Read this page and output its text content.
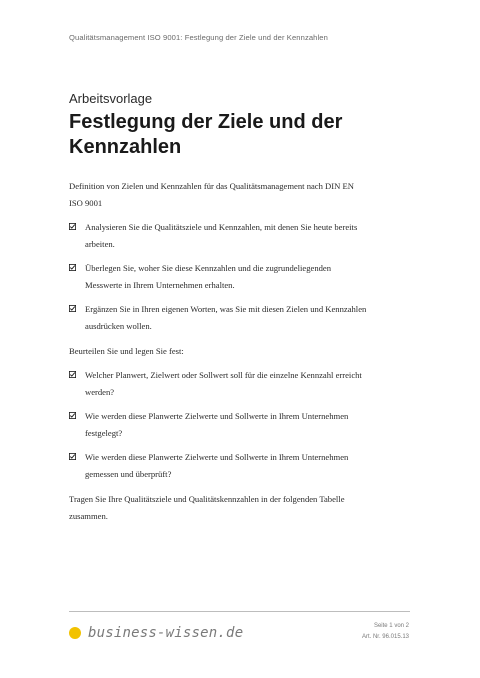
Qualitätsmanagement ISO 9001: Festlegung der Ziele und der Kennzahlen
Arbeitsvorlage
Festlegung der Ziele und der Kennzahlen

Definition von Zielen und Kennzahlen für das Qualitätsmanagement nach DIN EN ISO 9001

Analysieren Sie die Qualitätsziele und Kennzahlen, mit denen Sie heute bereits arbeiten.
Überlegen Sie, woher Sie diese Kennzahlen und die zugrundeliegenden Messwerte in Ihrem Unternehmen erhalten.
Ergänzen Sie in Ihren eigenen Worten, was Sie mit diesen Zielen und Kennzahlen ausdrücken wollen.

Beurteilen Sie und legen Sie fest:

Welcher Planwert, Zielwert oder Sollwert soll für die einzelne Kennzahl erreicht werden?
Wie werden diese Planwerte Zielwerte und Sollwerte in Ihrem Unternehmen festgelegt?
Wie werden diese Planwerte Zielwerte und Sollwerte in Ihrem Unternehmen gemessen und überprüft?

Tragen Sie Ihre Qualitätsziele und Qualitätskennzahlen in der folgenden Tabelle zusammen.

business-wissen.de	Seite 1 von 2
Art. Nr. 96.015.13
